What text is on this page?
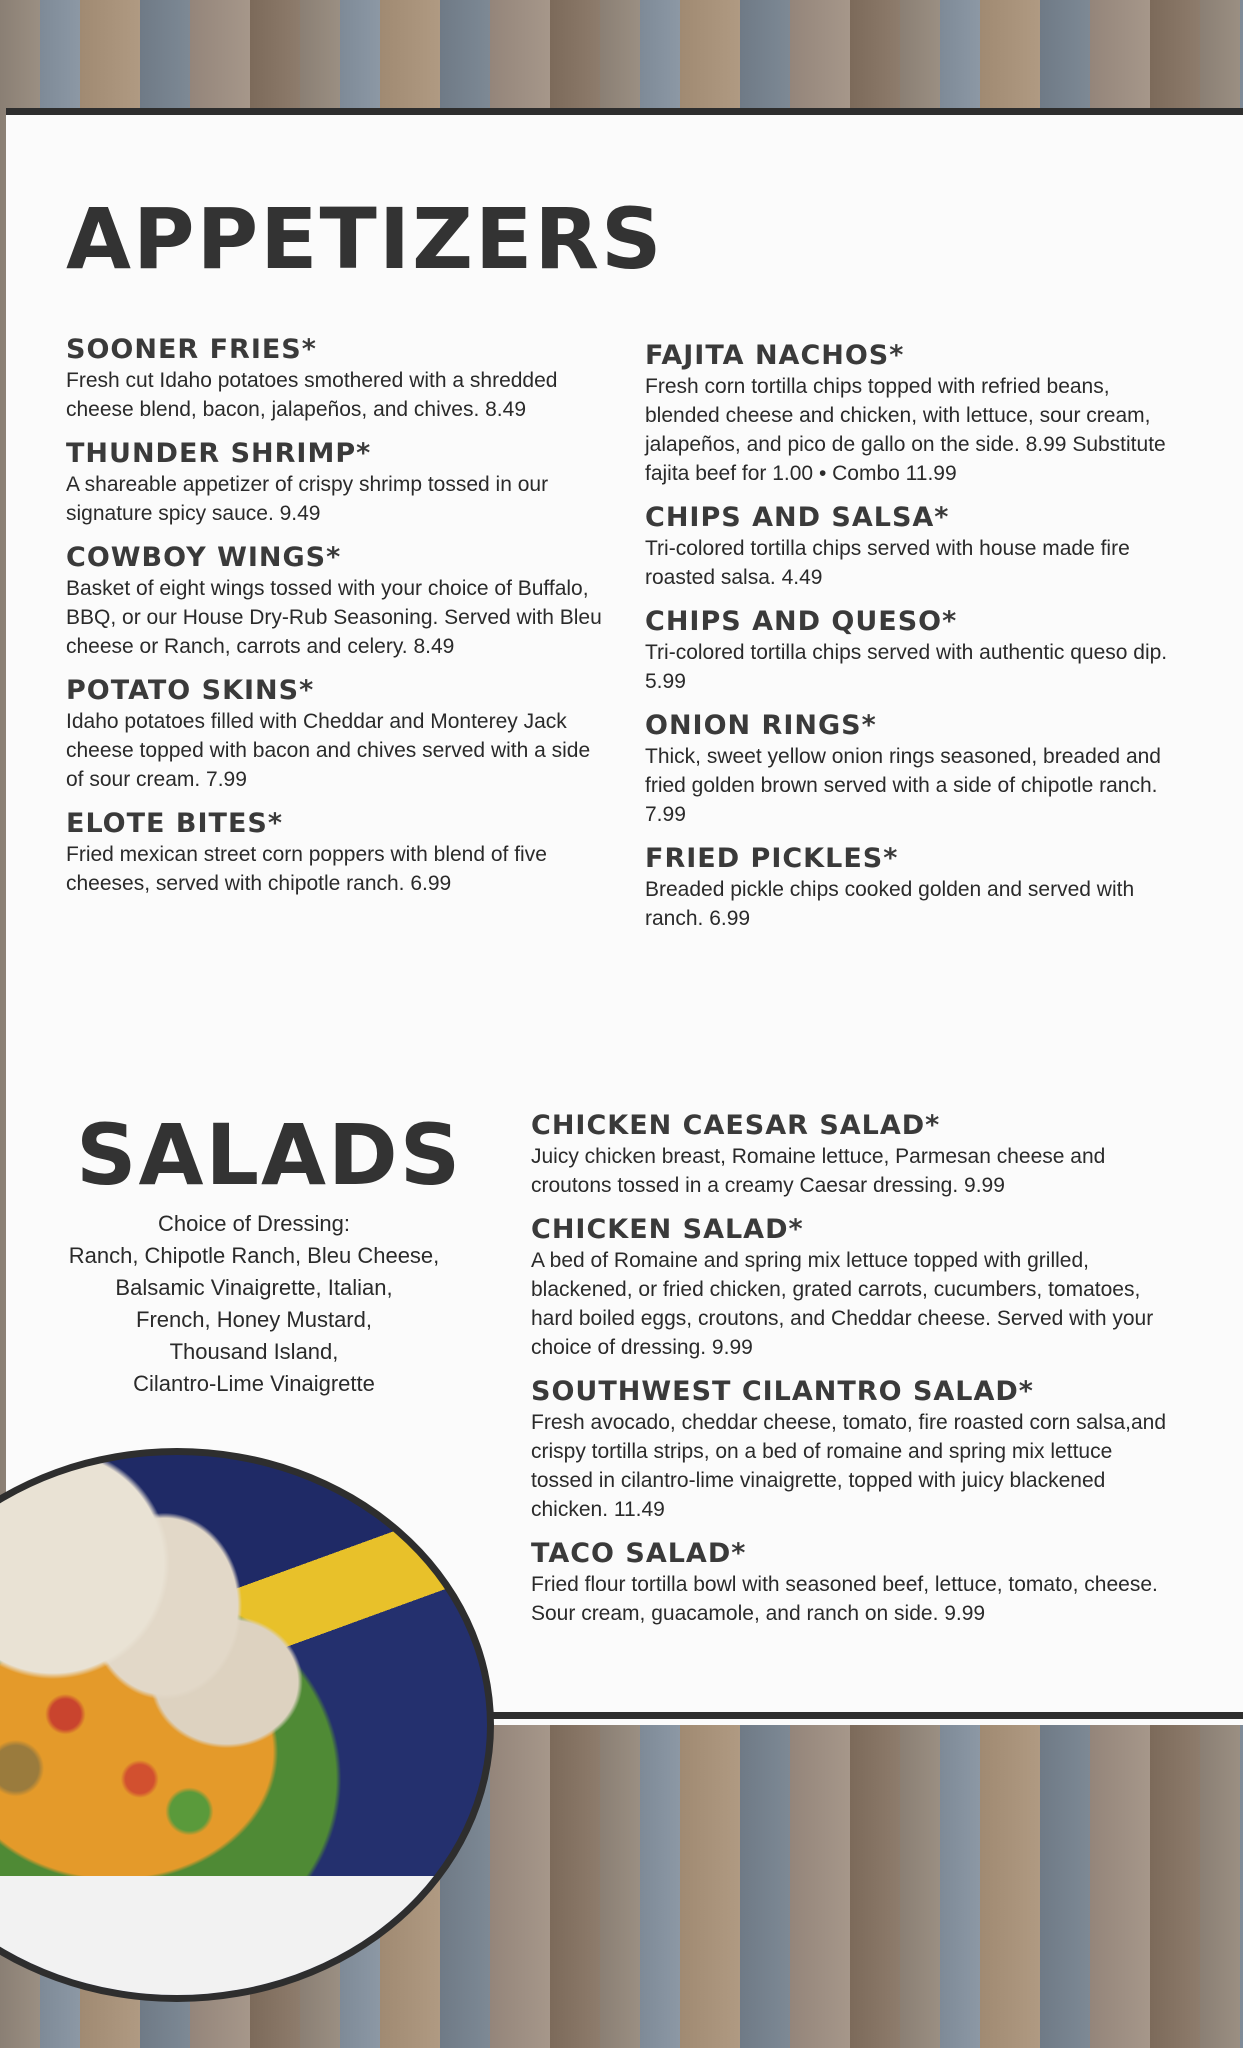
APPETIZERS
SOONER FRIES*
Fresh cut Idaho potatoes smothered with a shredded cheese blend, bacon, jalapeños, and chives. 8.49
THUNDER SHRIMP*
A shareable appetizer of crispy shrimp tossed in our signature spicy sauce. 9.49
COWBOY WINGS*
Basket of eight wings tossed with your choice of Buffalo, BBQ, or our House Dry-Rub Seasoning. Served with Bleu cheese or Ranch, carrots and celery. 8.49
POTATO SKINS*
Idaho potatoes filled with Cheddar and Monterey Jack cheese topped with bacon and chives served with a side of sour cream. 7.99
ELOTE BITES*
Fried mexican street corn poppers with blend of five cheeses, served with chipotle ranch. 6.99
FAJITA NACHOS*
Fresh corn tortilla chips topped with refried beans, blended cheese and chicken, with lettuce, sour cream, jalapeños, and pico de gallo on the side. 8.99 Substitute fajita beef for 1.00 • Combo 11.99
CHIPS AND SALSA*
Tri-colored tortilla chips served with house made fire roasted salsa. 4.49
CHIPS AND QUESO*
Tri-colored tortilla chips served with authentic queso dip. 5.99
ONION RINGS*
Thick, sweet yellow onion rings seasoned, breaded and fried golden brown served with a side of chipotle ranch. 7.99
FRIED PICKLES*
Breaded pickle chips cooked golden and served with ranch. 6.99
SALADS
Choice of Dressing:
Ranch, Chipotle Ranch, Bleu Cheese,
Balsamic Vinaigrette, Italian,
French, Honey Mustard,
Thousand Island,
Cilantro-Lime Vinaigrette
CHICKEN CAESAR SALAD*
Juicy chicken breast, Romaine lettuce, Parmesan cheese and croutons tossed in a creamy Caesar dressing. 9.99
CHICKEN SALAD*
A bed of Romaine and spring mix lettuce topped with grilled, blackened, or fried chicken, grated carrots, cucumbers, tomatoes, hard boiled eggs, croutons, and Cheddar cheese. Served with your choice of dressing. 9.99
SOUTHWEST CILANTRO SALAD*
Fresh avocado, cheddar cheese, tomato, fire roasted corn salsa,and crispy tortilla strips, on a bed of romaine and spring mix lettuce tossed in cilantro-lime vinaigrette, topped with juicy blackened chicken. 11.49
TACO SALAD*
Fried flour tortilla bowl with seasoned beef, lettuce, tomato, cheese. Sour cream, guacamole, and ranch on side. 9.99
